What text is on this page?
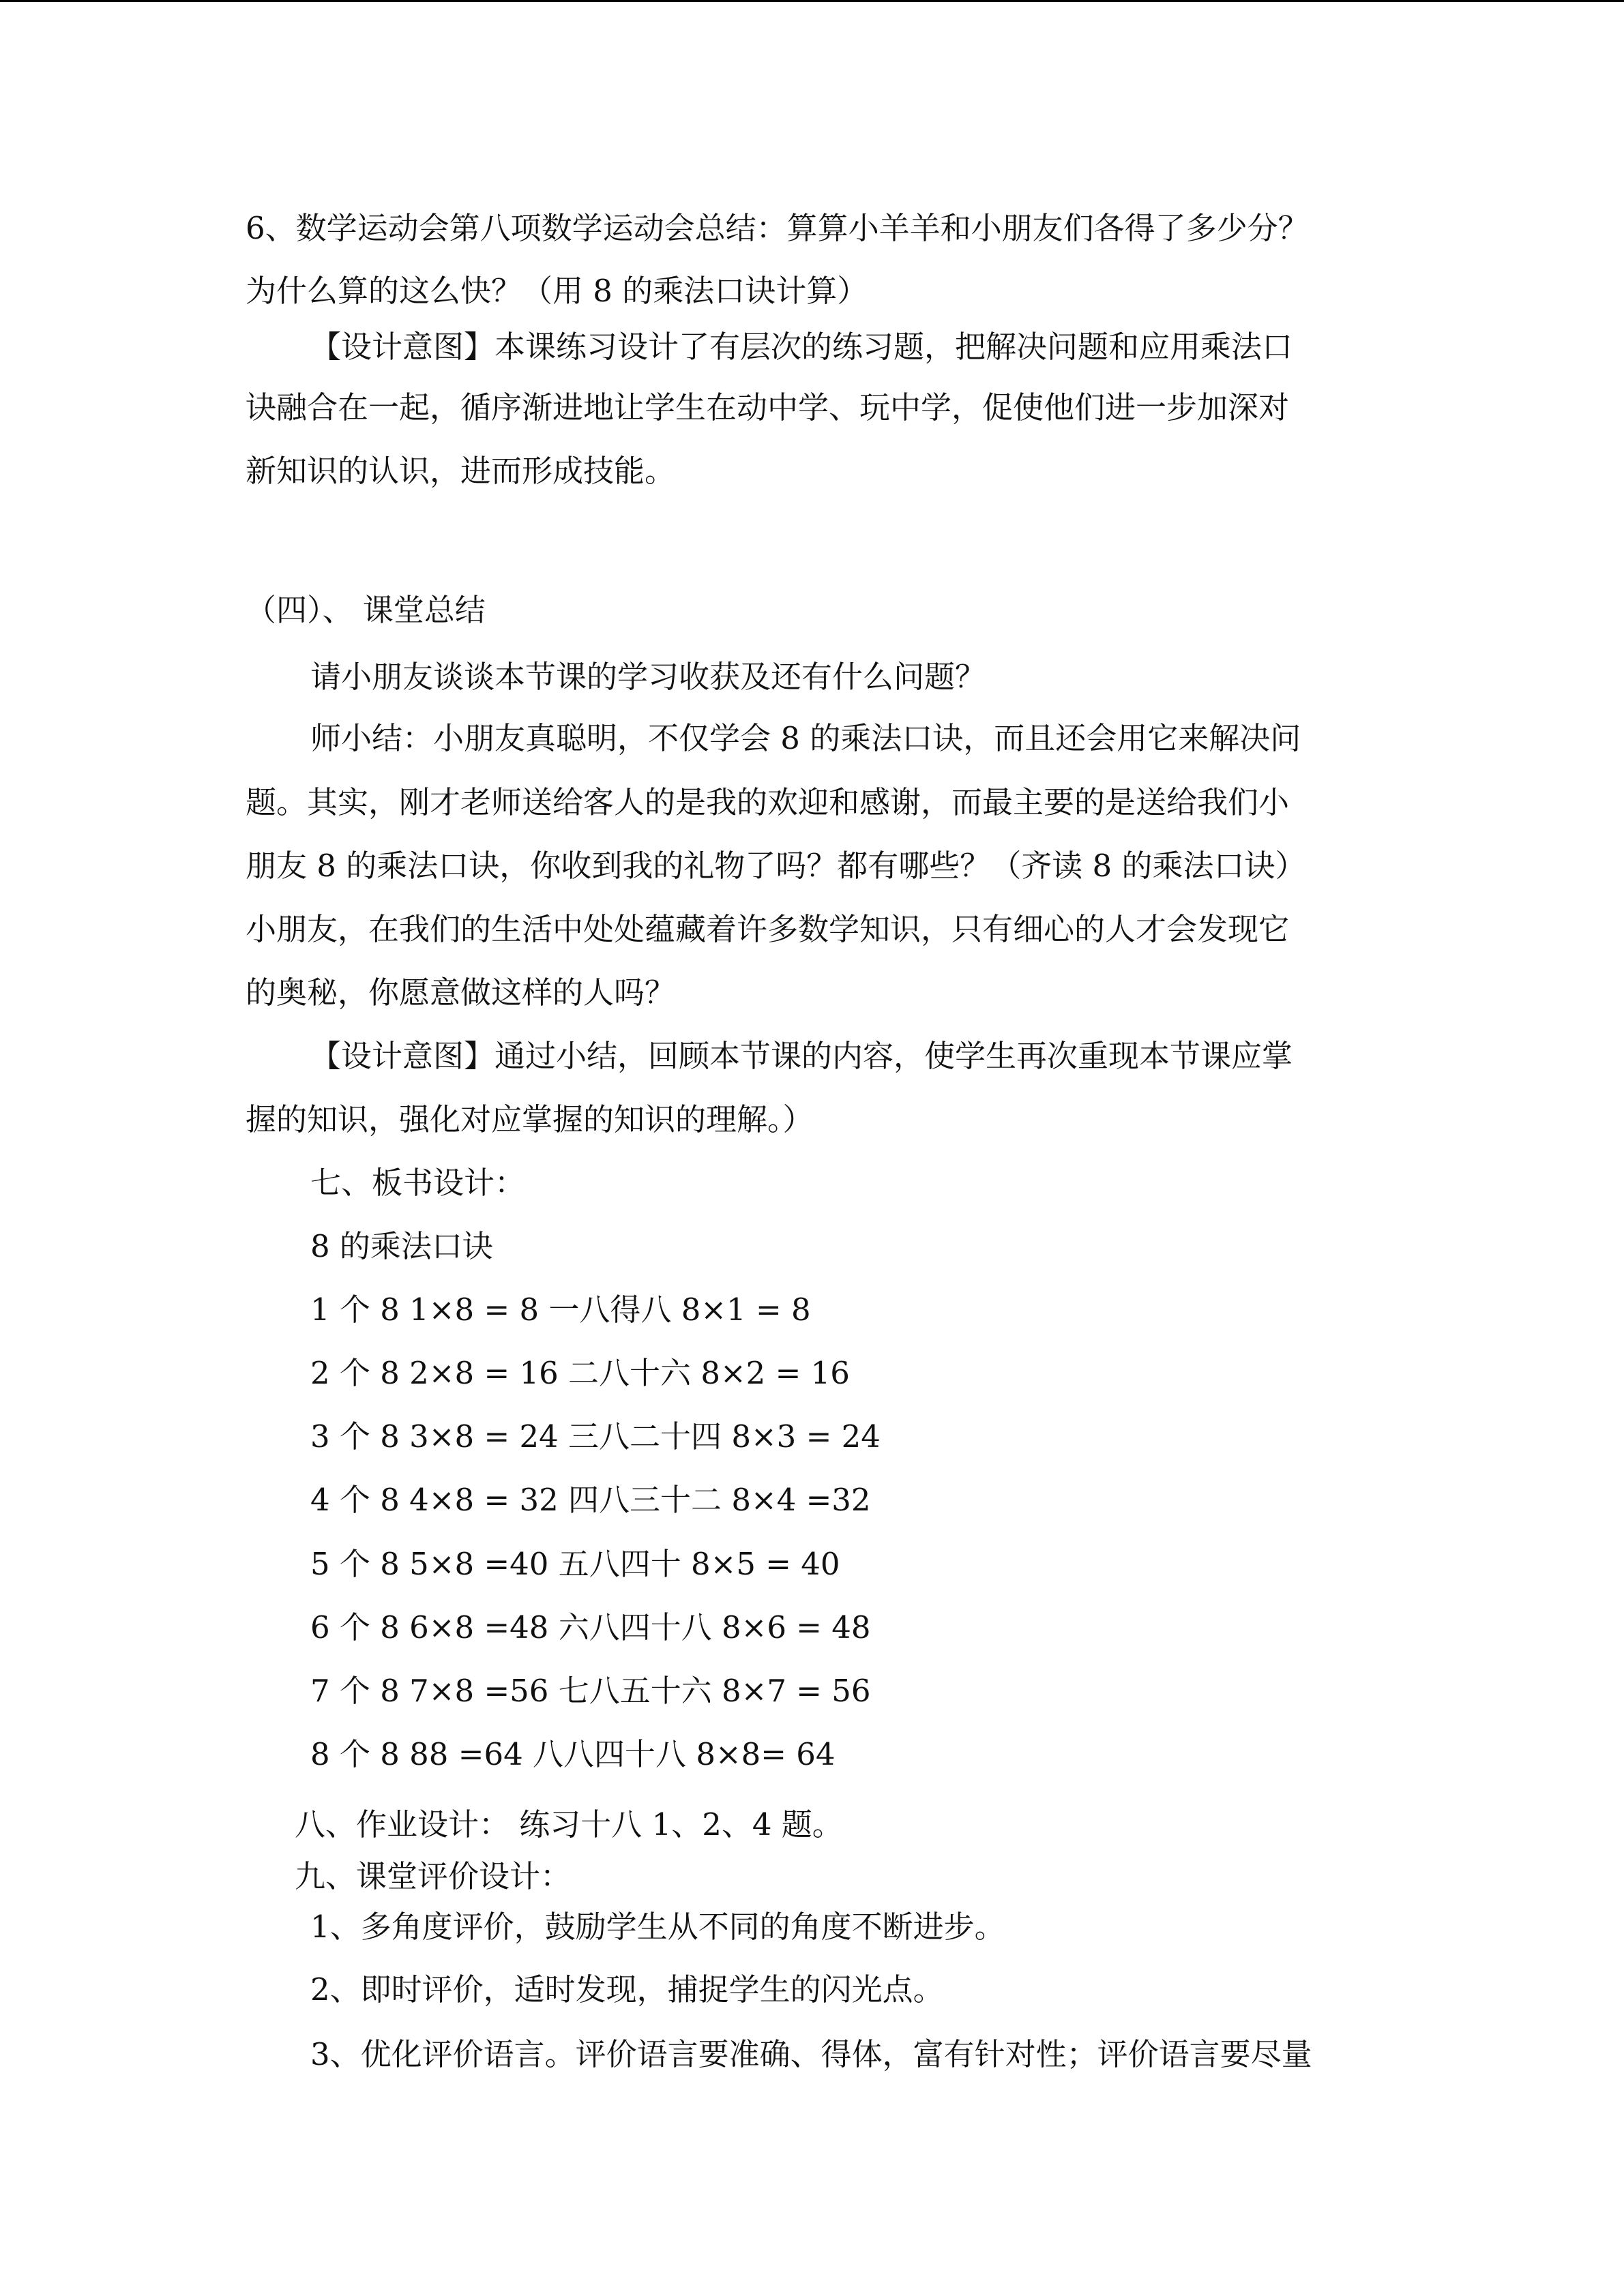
6、数学运动会第八项数学运动会总结：算算小羊羊和小朋友们各得了多少分？
为什么算的这么快？（用 8 的乘法口诀计算）
【设计意图】本课练习设计了有层次的练习题，把解决问题和应用乘法口
诀融合在一起，循序渐进地让学生在动中学、玩中学，促使他们进一步加深对
新知识的认识，进而形成技能。
（四）、 课堂总结
请小朋友谈谈本节课的学习收获及还有什么问题？
师小结：小朋友真聪明，不仅学会 8 的乘法口诀，而且还会用它来解决问
题。其实，刚才老师送给客人的是我的欢迎和感谢，而最主要的是送给我们小
朋友 8 的乘法口诀，你收到我的礼物了吗？都有哪些？（齐读 8 的乘法口诀）
小朋友，在我们的生活中处处蕴藏着许多数学知识，只有细心的人才会发现它
的奥秘，你愿意做这样的人吗？
【设计意图】通过小结，回顾本节课的内容，使学生再次重现本节课应掌
握的知识，强化对应掌握的知识的理解。）
七、板书设计：
8 的乘法口诀
1 个 8 1×8 = 8 一八得八 8×1 = 8
2 个 8 2×8 = 16 二八十六 8×2 = 16
3 个 8 3×8 = 24 三八二十四 8×3 = 24
4 个 8 4×8 = 32 四八三十二 8×4 =32
5 个 8 5×8 =40 五八四十 8×5 = 40
6 个 8 6×8 =48 六八四十八 8×6 = 48
7 个 8 7×8 =56 七八五十六 8×7 = 56
8 个 8 88 =64 八八四十八 8×8= 64
八、作业设计： 练习十八 1、2、4 题。
九、课堂评价设计：
1、多角度评价，鼓励学生从不同的角度不断进步。
2、即时评价，适时发现，捕捉学生的闪光点。
3、优化评价语言。评价语言要准确、得体，富有针对性；评价语言要尽量
